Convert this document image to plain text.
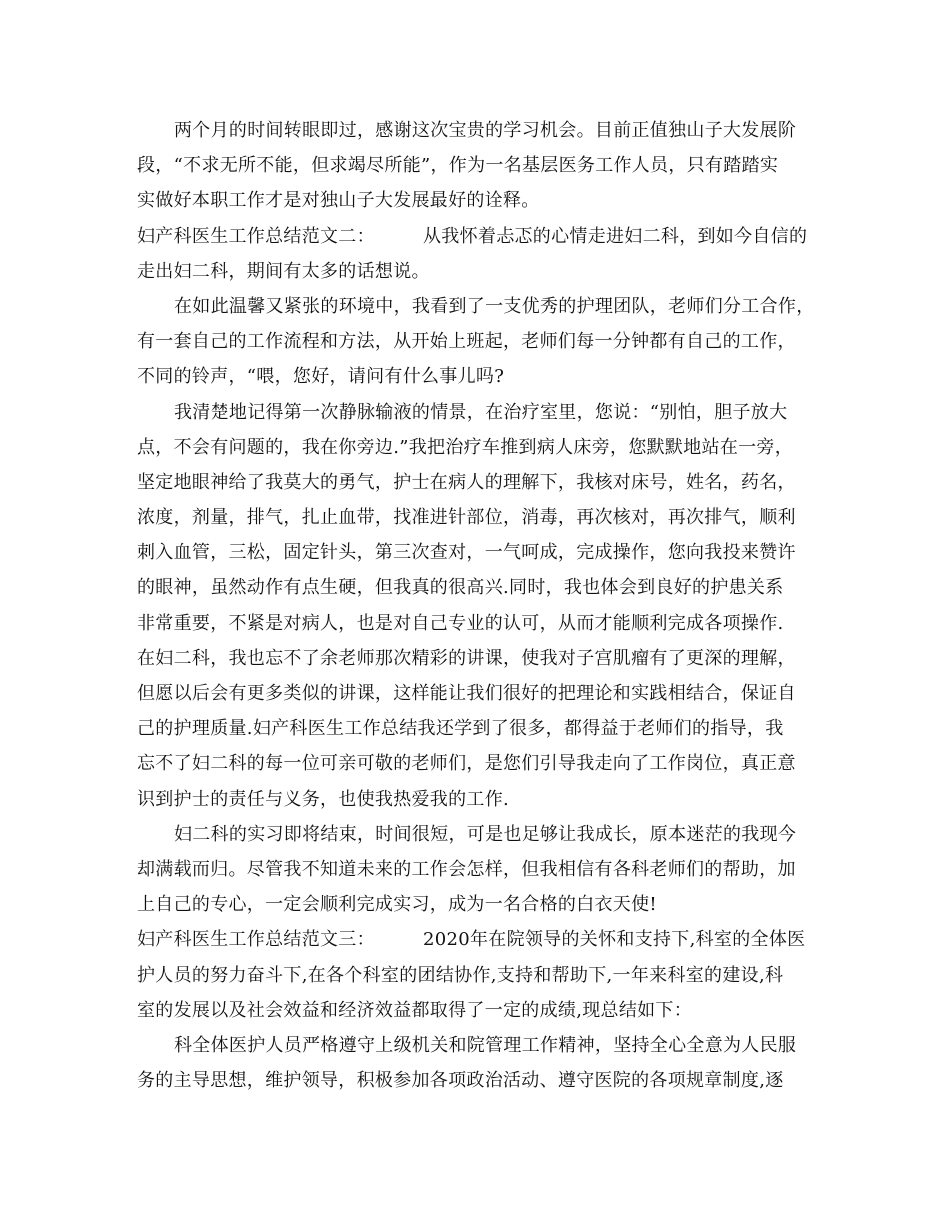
两个月的时间转眼即过，感谢这次宝贵的学习机会。目前正值独山子大发展阶
段，“不求无所不能，但求竭尽所能”，作为一名基层医务工作人员，只有踏踏实
实做好本职工作才是对独山子大发展最好的诠释。
妇产科医生工作总结范文二：	从我怀着忐忑的心情走进妇二科，到如今自信的
走出妇二科，期间有太多的话想说。
在如此温馨又紧张的环境中，我看到了一支优秀的护理团队，老师们分工合作，
有一套自己的工作流程和方法，从开始上班起，老师们每一分钟都有自己的工作，
不同的铃声，“喂，您好，请问有什么事儿吗?
我清楚地记得第一次静脉输液的情景，在治疗室里，您说：“别怕，胆子放大
点，不会有问题的，我在你旁边.”我把治疗车推到病人床旁，您默默地站在一旁，
坚定地眼神给了我莫大的勇气，护士在病人的理解下，我核对床号，姓名，药名，
浓度，剂量，排气，扎止血带，找准进针部位，消毒，再次核对，再次排气，顺利
刺入血管，三松，固定针头，第三次查对，一气呵成，完成操作，您向我投来赞许
的眼神，虽然动作有点生硬，但我真的很高兴.同时，我也体会到良好的护患关系
非常重要，不紧是对病人，也是对自己专业的认可，从而才能顺利完成各项操作.
在妇二科，我也忘不了余老师那次精彩的讲课，使我对子宫肌瘤有了更深的理解，
但愿以后会有更多类似的讲课，这样能让我们很好的把理论和实践相结合，保证自
己的护理质量.妇产科医生工作总结我还学到了很多，都得益于老师们的指导，我
忘不了妇二科的每一位可亲可敬的老师们，是您们引导我走向了工作岗位，真正意
识到护士的责任与义务，也使我热爱我的工作.
妇二科的实习即将结束，时间很短，可是也足够让我成长，原本迷茫的我现今
却满载而归。尽管我不知道未来的工作会怎样，但我相信有各科老师们的帮助，加
上自己的专心，一定会顺利完成实习，成为一名合格的白衣天使!
妇产科医生工作总结范文三：	2020年在院领导的关怀和支持下,科室的全体医
护人员的努力奋斗下,在各个科室的团结协作,支持和帮助下,一年来科室的建设,科
室的发展以及社会效益和经济效益都取得了一定的成绩,现总结如下：
科全体医护人员严格遵守上级机关和院管理工作精神，坚持全心全意为人民服
务的主导思想，维护领导，积极参加各项政治活动、遵守医院的各项规章制度,逐
